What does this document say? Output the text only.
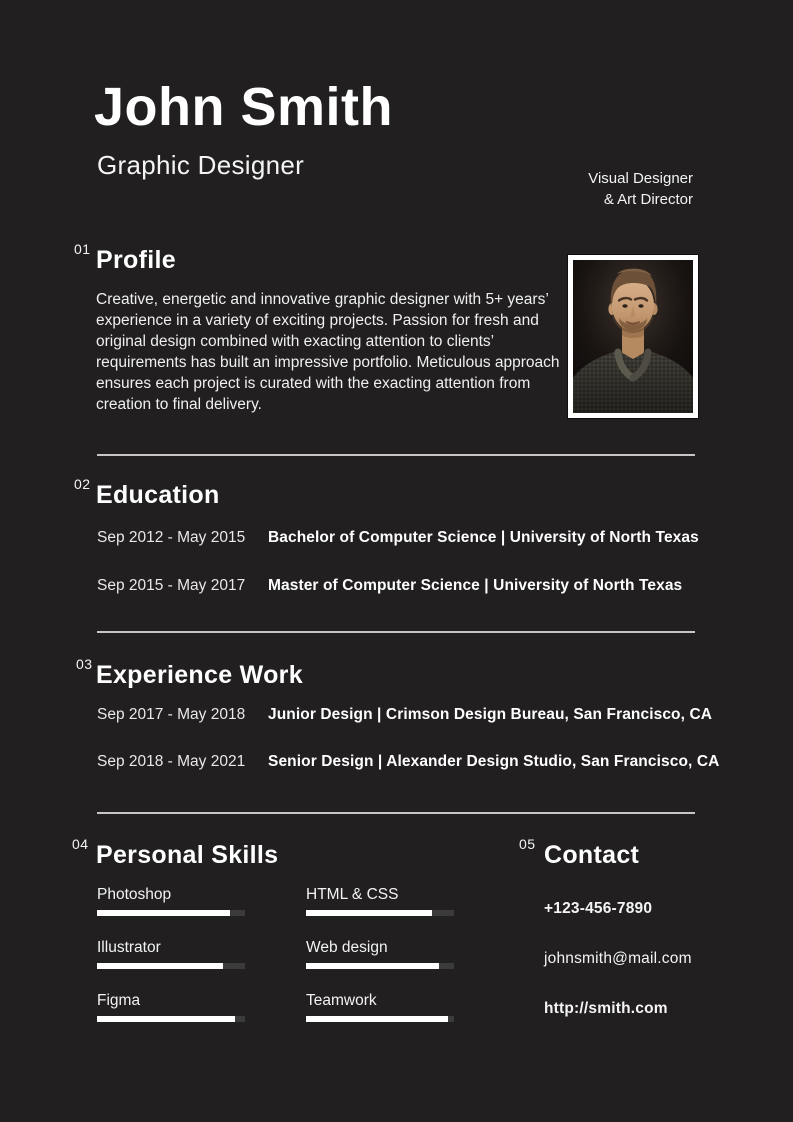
John Smith
Graphic Designer	Visual Designer
& Art Director
01 Profile
Creative, energetic and innovative graphic designer with 5+ years’ experience in a variety of exciting projects. Passion for fresh and original design combined with exacting attention to clients’ requirements has built an impressive portfolio. Meticulous approach ensures each project is curated with the exacting attention from creation to final delivery.
02 Education
Sep 2012 - May 2015	Bachelor of Computer Science | University of North Texas
Sep 2015 - May 2017	Master of Computer Science | University of North Texas
03 Experience Work
Sep 2017 - May 2018	Junior Design | Crimson Design Bureau, San Francisco, CA
Sep 2018 - May 2021	Senior Design | Alexander Design Studio, San Francisco, CA
04 Personal Skills
Photoshop
Illustrator
Figma
HTML & CSS
Web design
Teamwork
05 Contact
+123-456-7890
johnsmith@mail.com
http://smith.com
